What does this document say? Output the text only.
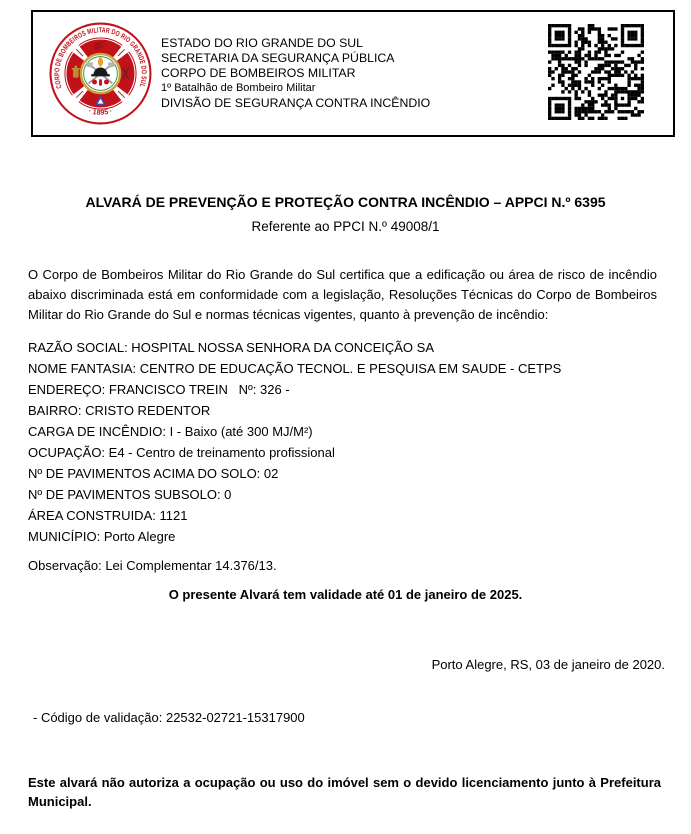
CORPO DE BOMBEIROS MILITAR DO RIO GRANDE DO SUL
· 1895 ·
ESTADO DO RIO GRANDE DO SUL
SECRETARIA DA SEGURANÇA PÚBLICA
CORPO DE BOMBEIROS MILITAR
1º Batalhão de Bombeiro Militar
DIVISÃO DE SEGURANÇA CONTRA INCÊNDIO
ALVARÁ DE PREVENÇÃO E PROTEÇÃO CONTRA INCÊNDIO – APPCI N.º 6395
Referente ao PPCI N.º 49008/1

O Corpo de Bombeiros Militar do Rio Grande do Sul certifica que a edificação ou área de risco de incêndio abaixo discriminada está em conformidade com a legislação, Resoluções Técnicas do Corpo de Bombeiros Militar do Rio Grande do Sul e normas técnicas vigentes, quanto à prevenção de incêndio:

RAZÃO SOCIAL: HOSPITAL NOSSA SENHORA DA CONCEIÇÃO SA
NOME FANTASIA: CENTRO DE EDUCAÇÃO TECNOL. E PESQUISA EM SAUDE - CETPS
ENDEREÇO: FRANCISCO TREIN   Nº: 326 -
BAIRRO: CRISTO REDENTOR
CARGA DE INCÊNDIO: I - Baixo (até 300 MJ/M²)
OCUPAÇÃO: E4 - Centro de treinamento profissional
Nº DE PAVIMENTOS ACIMA DO SOLO: 02
Nº DE PAVIMENTOS SUBSOLO: 0
ÁREA CONSTRUIDA: 1121
MUNICÍPIO: Porto Alegre

Observação: Lei Complementar 14.376/13.

O presente Alvará tem validade até 01 de janeiro de 2025.

Porto Alegre, RS, 03 de janeiro de 2020.

- Código de validação: 22532-02721-15317900

Este alvará não autoriza a ocupação ou uso do imóvel sem o devido licenciamento junto à Prefeitura Municipal.
